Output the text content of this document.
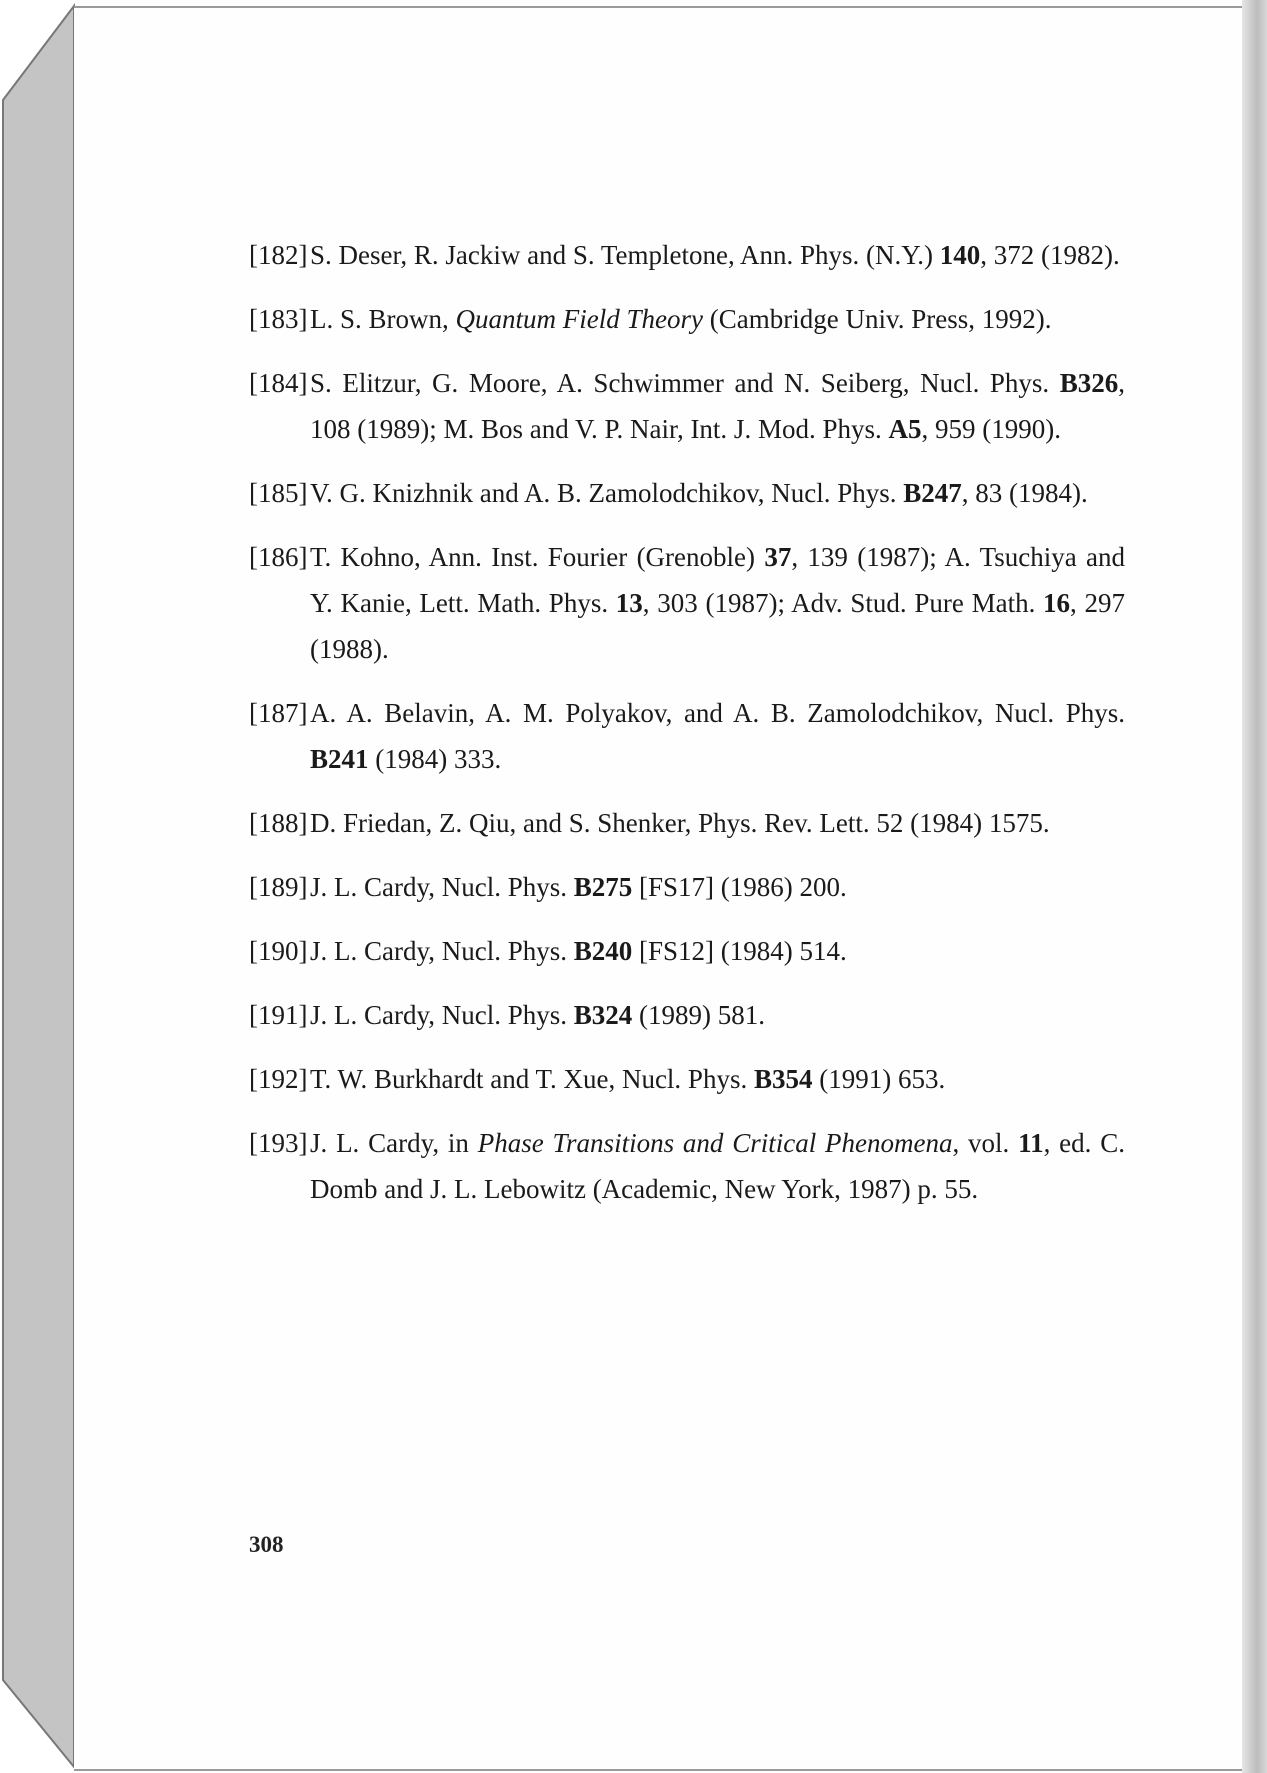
[182]S. Deser, R. Jackiw and S. Templetone, Ann. Phys. (N.Y.) 140, 372 (1982).
[183]L. S. Brown, Quantum Field Theory (Cambridge Univ. Press, 1992).
[184]S. Elitzur, G. Moore, A. Schwimmer and N. Seiberg, Nucl. Phys. B326, 108 (1989); M. Bos and V. P. Nair, Int. J. Mod. Phys. A5, 959 (1990).
[185]V. G. Knizhnik and A. B. Zamolodchikov, Nucl. Phys. B247, 83 (1984).
[186]T. Kohno, Ann. Inst. Fourier (Grenoble) 37, 139 (1987); A. Tsuchiya and Y. Kanie, Lett. Math. Phys. 13, 303 (1987); Adv. Stud. Pure Math. 16, 297 (1988).
[187]A. A. Belavin, A. M. Polyakov, and A. B. Zamolodchikov, Nucl. Phys. B241 (1984) 333.
[188]D. Friedan, Z. Qiu, and S. Shenker, Phys. Rev. Lett. 52 (1984) 1575.
[189]J. L. Cardy, Nucl. Phys. B275 [FS17] (1986) 200.
[190]J. L. Cardy, Nucl. Phys. B240 [FS12] (1984) 514.
[191]J. L. Cardy, Nucl. Phys. B324 (1989) 581.
[192]T. W. Burkhardt and T. Xue, Nucl. Phys. B354 (1991) 653.
[193]J. L. Cardy, in Phase Transitions and Critical Phenomena, vol. 11, ed. C. Domb and J. L. Lebowitz (Academic, New York, 1987) p. 55.
308
